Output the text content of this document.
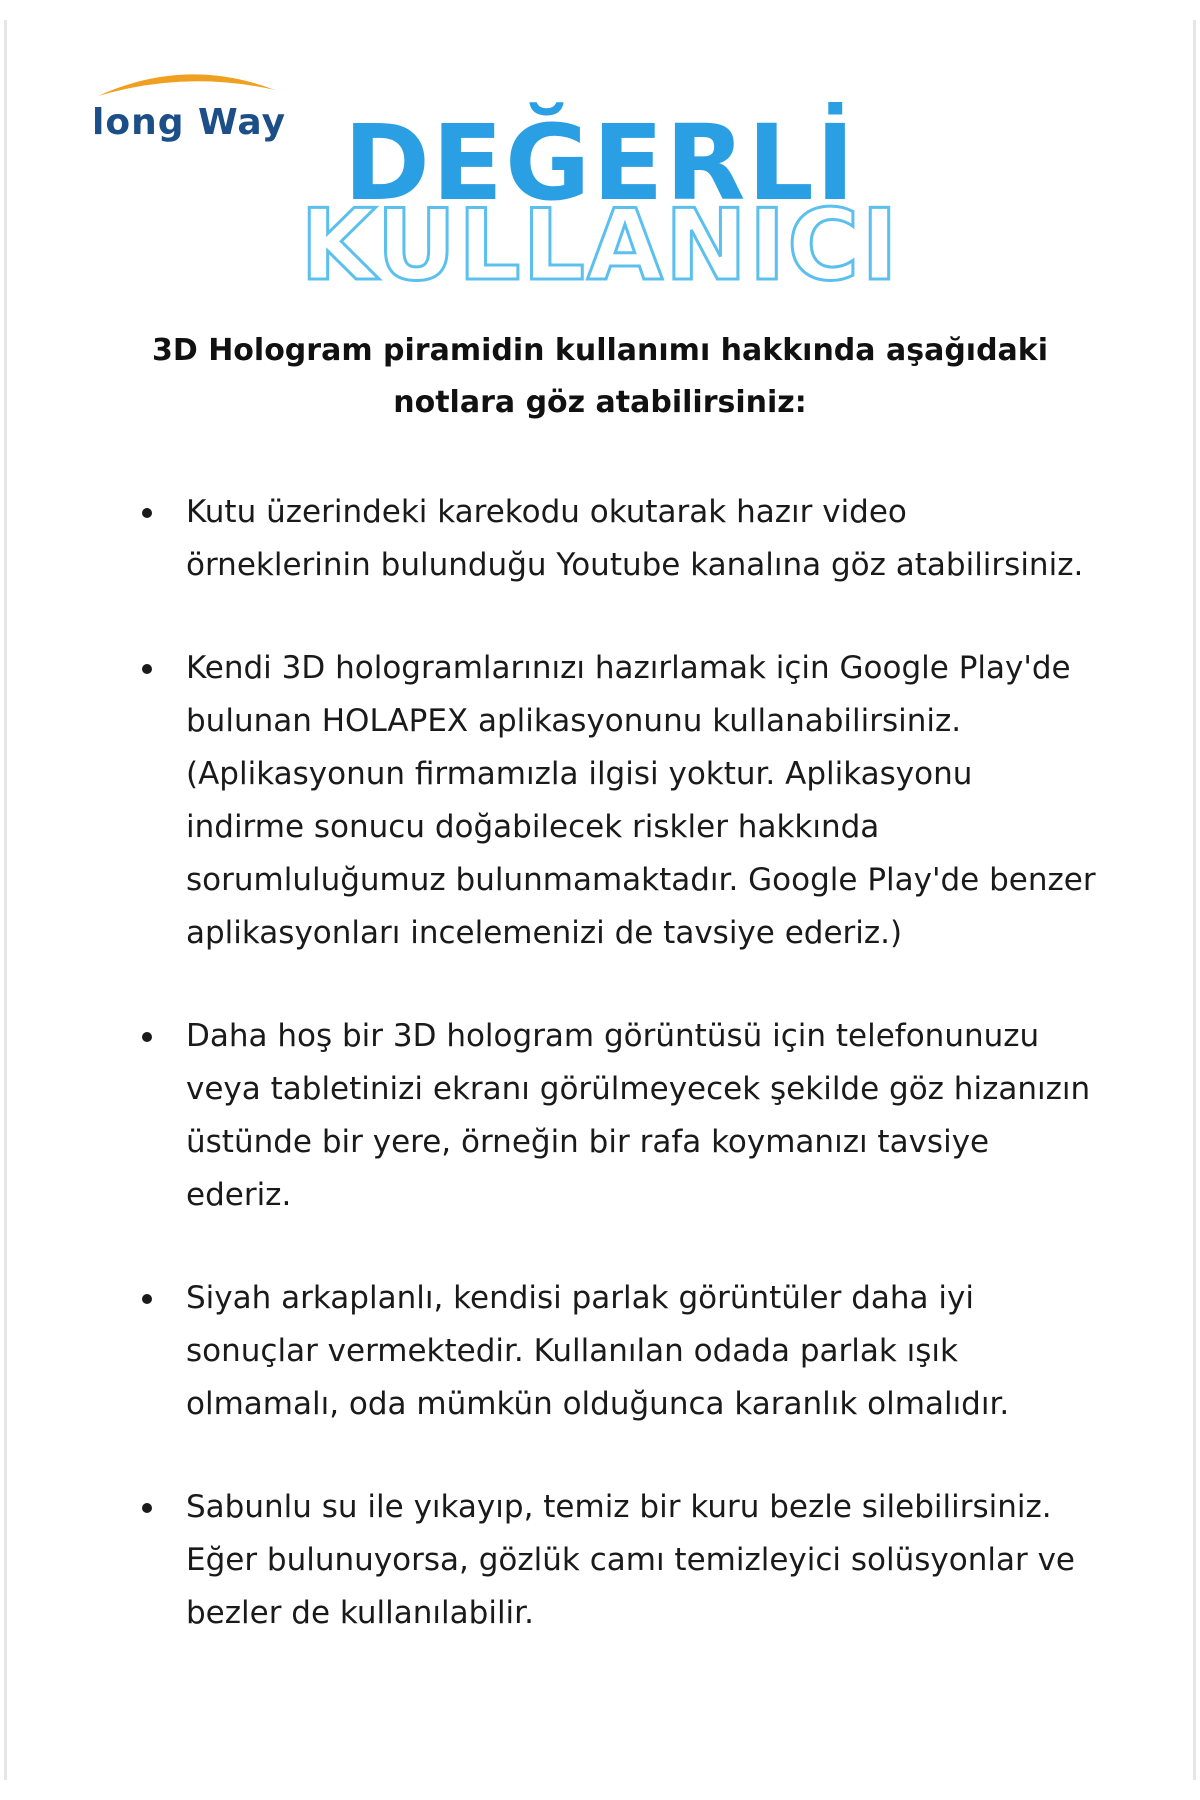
long Way DEĞERLİ
KULLANICI
3D Hologram piramidin kullanımı hakkında aşağıdaki notlara göz atabilirsiniz:
Kutu üzerindeki karekodu okutarak hazır video örneklerinin bulunduğu Youtube kanalına göz atabilirsiniz.
Kendi 3D hologramlarınızı hazırlamak için Google Play'de bulunan HOLAPEX aplikasyonunu kullanabilirsiniz. (Aplikasyonun firmamızla ilgisi yoktur. Aplikasyonu indirme sonucu doğabilecek riskler hakkında sorumluluğumuz bulunmamaktadır. Google Play'de benzer aplikasyonları incelemenizi de tavsiye ederiz.)
Daha hoş bir 3D hologram görüntüsü için telefonunuzu veya tabletinizi ekranı görülmeyecek şekilde göz hizanızın üstünde bir yere, örneğin bir rafa koymanızı tavsiye ederiz.
Siyah arkaplanlı, kendisi parlak görüntüler daha iyi sonuçlar vermektedir. Kullanılan odada parlak ışık olmamalı, oda mümkün olduğunca karanlık olmalıdır.
Sabunlu su ile yıkayıp, temiz bir kuru bezle silebilirsiniz. Eğer bulunuyorsa, gözlük camı temizleyici solüsyonlar ve bezler de kullanılabilir.
